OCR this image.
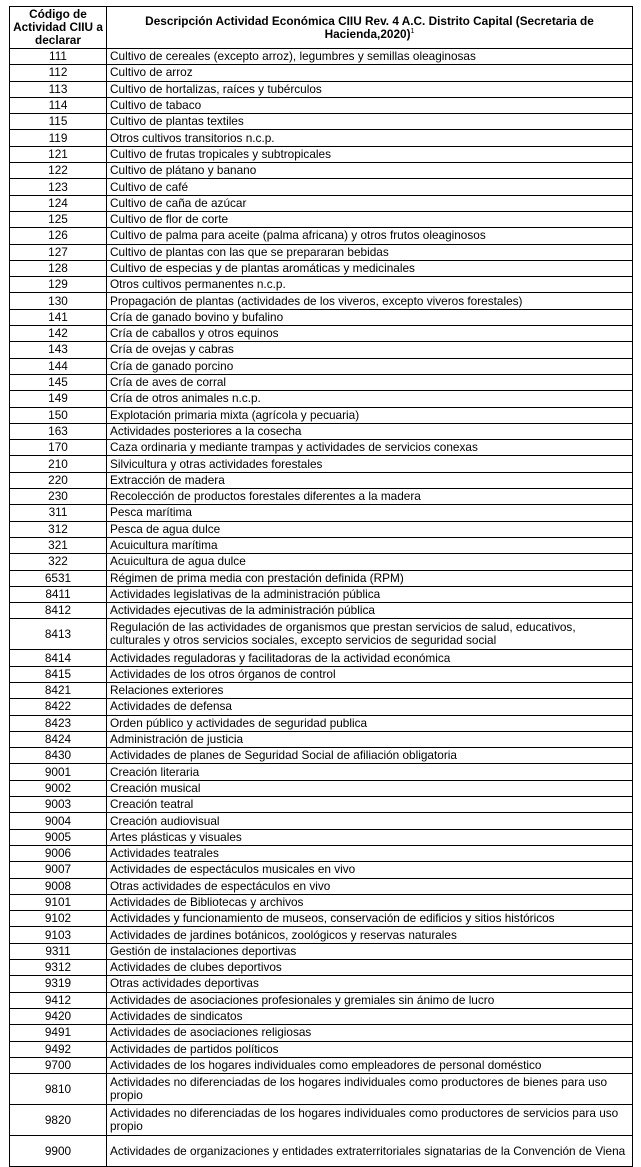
Código de Actividad CIIU a declarar	Descripción Actividad Económica CIIU Rev. 4 A.C. Distrito Capital (Secretaria de Hacienda,2020)$^1$
111	Cultivo de cereales (excepto arroz), legumbres y semillas oleaginosas
112	Cultivo de arroz
113	Cultivo de hortalizas, raíces y tubérculos
114	Cultivo de tabaco
115	Cultivo de plantas textiles
119	Otros cultivos transitorios n.c.p.
121	Cultivo de frutas tropicales y subtropicales
122	Cultivo de plátano y banano
123	Cultivo de café
124	Cultivo de caña de azúcar
125	Cultivo de flor de corte
126	Cultivo de palma para aceite (palma africana) y otros frutos oleaginosos
127	Cultivo de plantas con las que se prepararan bebidas
128	Cultivo de especias y de plantas aromáticas y medicinales
129	Otros cultivos permanentes n.c.p.
130	Propagación de plantas (actividades de los viveros, excepto viveros forestales)
141	Cría de ganado bovino y bufalino
142	Cría de caballos y otros equinos
143	Cría de ovejas y cabras
144	Cría de ganado porcino
145	Cría de aves de corral
149	Cría de otros animales n.c.p.
150	Explotación primaria mixta (agrícola y pecuaria)
163	Actividades posteriores a la cosecha
170	Caza ordinaria y mediante trampas y actividades de servicios conexas
210	Silvicultura y otras actividades forestales
220	Extracción de madera
230	Recolección de productos forestales diferentes a la madera
311	Pesca marítima
312	Pesca de agua dulce
321	Acuicultura marítima
322	Acuicultura de agua dulce
6531	Régimen de prima media con prestación definida (RPM)
8411	Actividades legislativas de la administración pública
8412	Actividades ejecutivas de la administración pública
8413	Regulación de las actividades de organismos que prestan servicios de salud, educativos, culturales y otros servicios sociales, excepto servicios de seguridad social
8414	Actividades reguladoras y facilitadoras de la actividad económica
8415	Actividades de los otros órganos de control
8421	Relaciones exteriores
8422	Actividades de defensa
8423	Orden público y actividades de seguridad publica
8424	Administración de justicia
8430	Actividades de planes de Seguridad Social de afiliación obligatoria
9001	Creación literaria
9002	Creación musical
9003	Creación teatral
9004	Creación audiovisual
9005	Artes plásticas y visuales
9006	Actividades teatrales
9007	Actividades de espectáculos musicales en vivo
9008	Otras actividades de espectáculos en vivo
9101	Actividades de Bibliotecas y archivos
9102	Actividades y funcionamiento de museos, conservación de edificios y sitios históricos
9103	Actividades de jardines botánicos, zoológicos y reservas naturales
9311	Gestión de instalaciones deportivas
9312	Actividades de clubes deportivos
9319	Otras actividades deportivas
9412	Actividades de asociaciones profesionales y gremiales sin ánimo de lucro
9420	Actividades de sindicatos
9491	Actividades de asociaciones religiosas
9492	Actividades de partidos políticos
9700	Actividades de los hogares individuales como empleadores de personal doméstico
9810	Actividades no diferenciadas de los hogares individuales como productores de bienes para uso propio
9820	Actividades no diferenciadas de los hogares individuales como productores de servicios para uso propio
9900	Actividades de organizaciones y entidades extraterritoriales signatarias de la Convención de Viena
